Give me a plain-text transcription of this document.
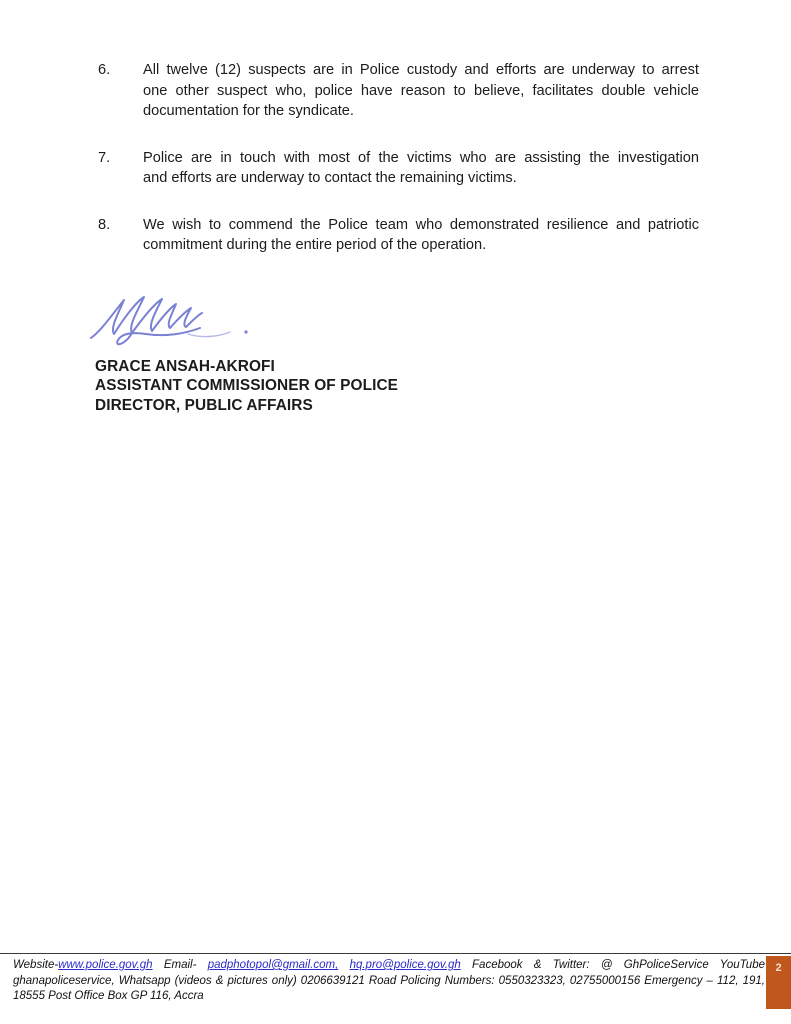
6.	All twelve (12) suspects are in Police custody and efforts are underway to arrest
one other suspect who, police have reason to believe, facilitates double vehicle
documentation for the syndicate.
7.	Police are in touch with most of the victims who are assisting the investigation
and efforts are underway to contact the remaining victims.
8.	We wish to commend the Police team who demonstrated resilience and patriotic
commitment during the entire period of the operation.
GRACE ANSAH-AKROFI
ASSISTANT COMMISSIONER OF POLICE
DIRECTOR, PUBLIC AFFAIRS
Website-www.police.gov.gh Email- padphotopol@gmail.com, hq.pro@police.gov.gh Facebook & Twitter: @ GhPoliceService YouTube
ghanapoliceservice, Whatsapp (videos & pictures only) 0206639121 Road Policing Numbers: 0550323323, 02755000156 Emergency – 112, 191,
18555 Post Office Box GP 116, Accra
2
